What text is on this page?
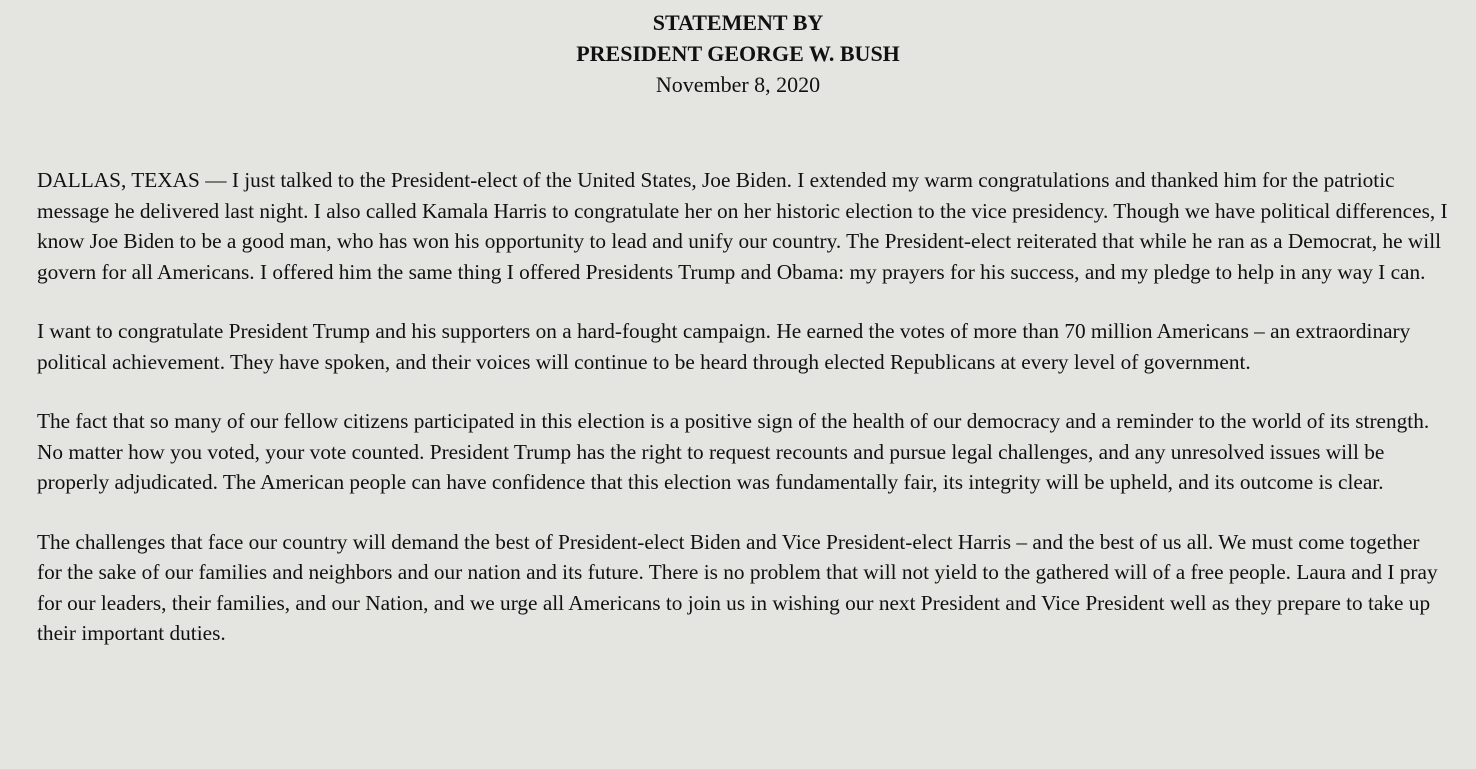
STATEMENT BY
PRESIDENT GEORGE W. BUSH
November 8, 2020

DALLAS, TEXAS — I just talked to the President-elect of the United States, Joe Biden. I extended my warm congratulations and thanked him for the patriotic message he delivered last night. I also called Kamala Harris to congratulate her on her historic election to the vice presidency. Though we have political differences, I know Joe Biden to be a good man, who has won his opportunity to lead and unify our country. The President-elect reiterated that while he ran as a Democrat, he will govern for all Americans. I offered him the same thing I offered Presidents Trump and Obama: my prayers for his success, and my pledge to help in any way I can.

I want to congratulate President Trump and his supporters on a hard-fought campaign. He earned the votes of more than 70 million Americans – an extraordinary political achievement. They have spoken, and their voices will continue to be heard through elected Republicans at every level of government.

The fact that so many of our fellow citizens participated in this election is a positive sign of the health of our democracy and a reminder to the world of its strength. No matter how you voted, your vote counted. President Trump has the right to request recounts and pursue legal challenges, and any unresolved issues will be properly adjudicated. The American people can have confidence that this election was fundamentally fair, its integrity will be upheld, and its outcome is clear.

The challenges that face our country will demand the best of President-elect Biden and Vice President-elect Harris – and the best of us all. We must come together for the sake of our families and neighbors and our nation and its future. There is no problem that will not yield to the gathered will of a free people. Laura and I pray for our leaders, their families, and our Nation, and we urge all Americans to join us in wishing our next President and Vice President well as they prepare to take up their important duties.
